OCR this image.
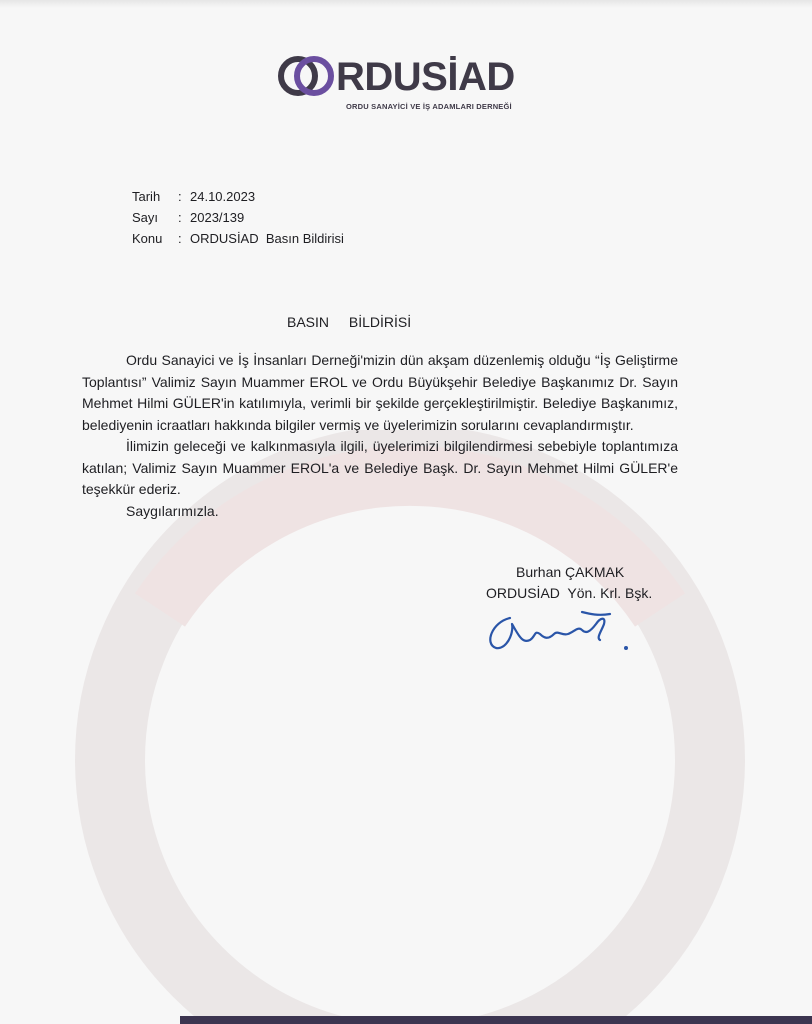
RDUSİAD
ORDU SANAYİCİ VE İŞ ADAMLARI DERNEĞİ
Tarih	: 24.10.2023
Sayı	: 2023/139
Konu	: ORDUSİAD  Basın Bildirisi
BASIN BİLDİRİSİ

Ordu Sanayici ve İş İnsanları Derneği'mizin dün akşam düzenlemiş olduğu “İş Geliştirme Toplantısı” Valimiz Sayın Muammer EROL ve Ordu Büyükşehir Belediye Başkanımız Dr. Sayın Mehmet Hilmi GÜLER'in katılımıyla, verimli bir şekilde gerçekleştirilmiştir. Belediye Başkanımız, belediyenin icraatları hakkında bilgiler vermiş ve üyelerimizin sorularını cevaplandırmıştır.

İlimizin geleceği ve kalkınmasıyla ilgili, üyelerimizi bilgilendirmesi sebebiyle toplantımıza katılan; Valimiz Sayın Muammer EROL'a ve Belediye Başk. Dr. Sayın Mehmet Hilmi GÜLER'e teşekkür ederiz.

Saygılarımızla.

Burhan ÇAKMAK
ORDUSİAD  Yön. Krl. Bşk.
